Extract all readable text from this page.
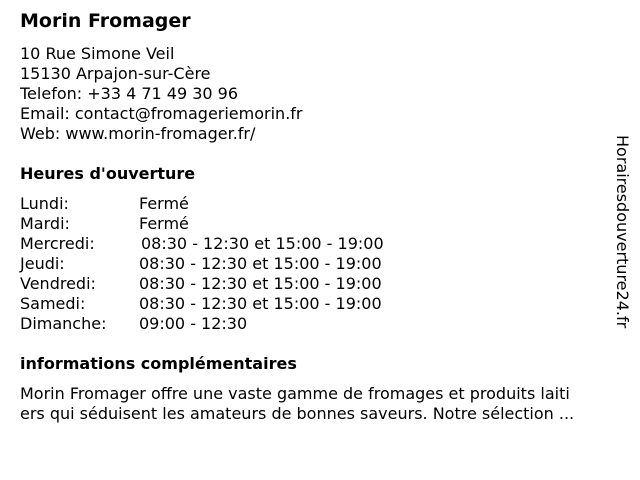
Morin Fromager
10 Rue Simone Veil
15130 Arpajon-sur-Cère
Telefon: +33 4 71 49 30 96
Email: contact@fromageriemorin.fr
Web: www.morin-fromager.fr/
Heures d'ouverture
Lundi:	Fermé
Mardi:	Fermé
Mercredi:	08:30 - 12:30 et 15:00 - 19:00
Jeudi:	08:30 - 12:30 et 15:00 - 19:00
Vendredi:	08:30 - 12:30 et 15:00 - 19:00
Samedi:	08:30 - 12:30 et 15:00 - 19:00
Dimanche: 09:00 - 12:30
informations complémentaires
Morin Fromager offre une vaste gamme de fromages et produits laiti
ers qui séduisent les amateurs de bonnes saveurs. Notre sélection ...
Horairesdouverture24.fr
